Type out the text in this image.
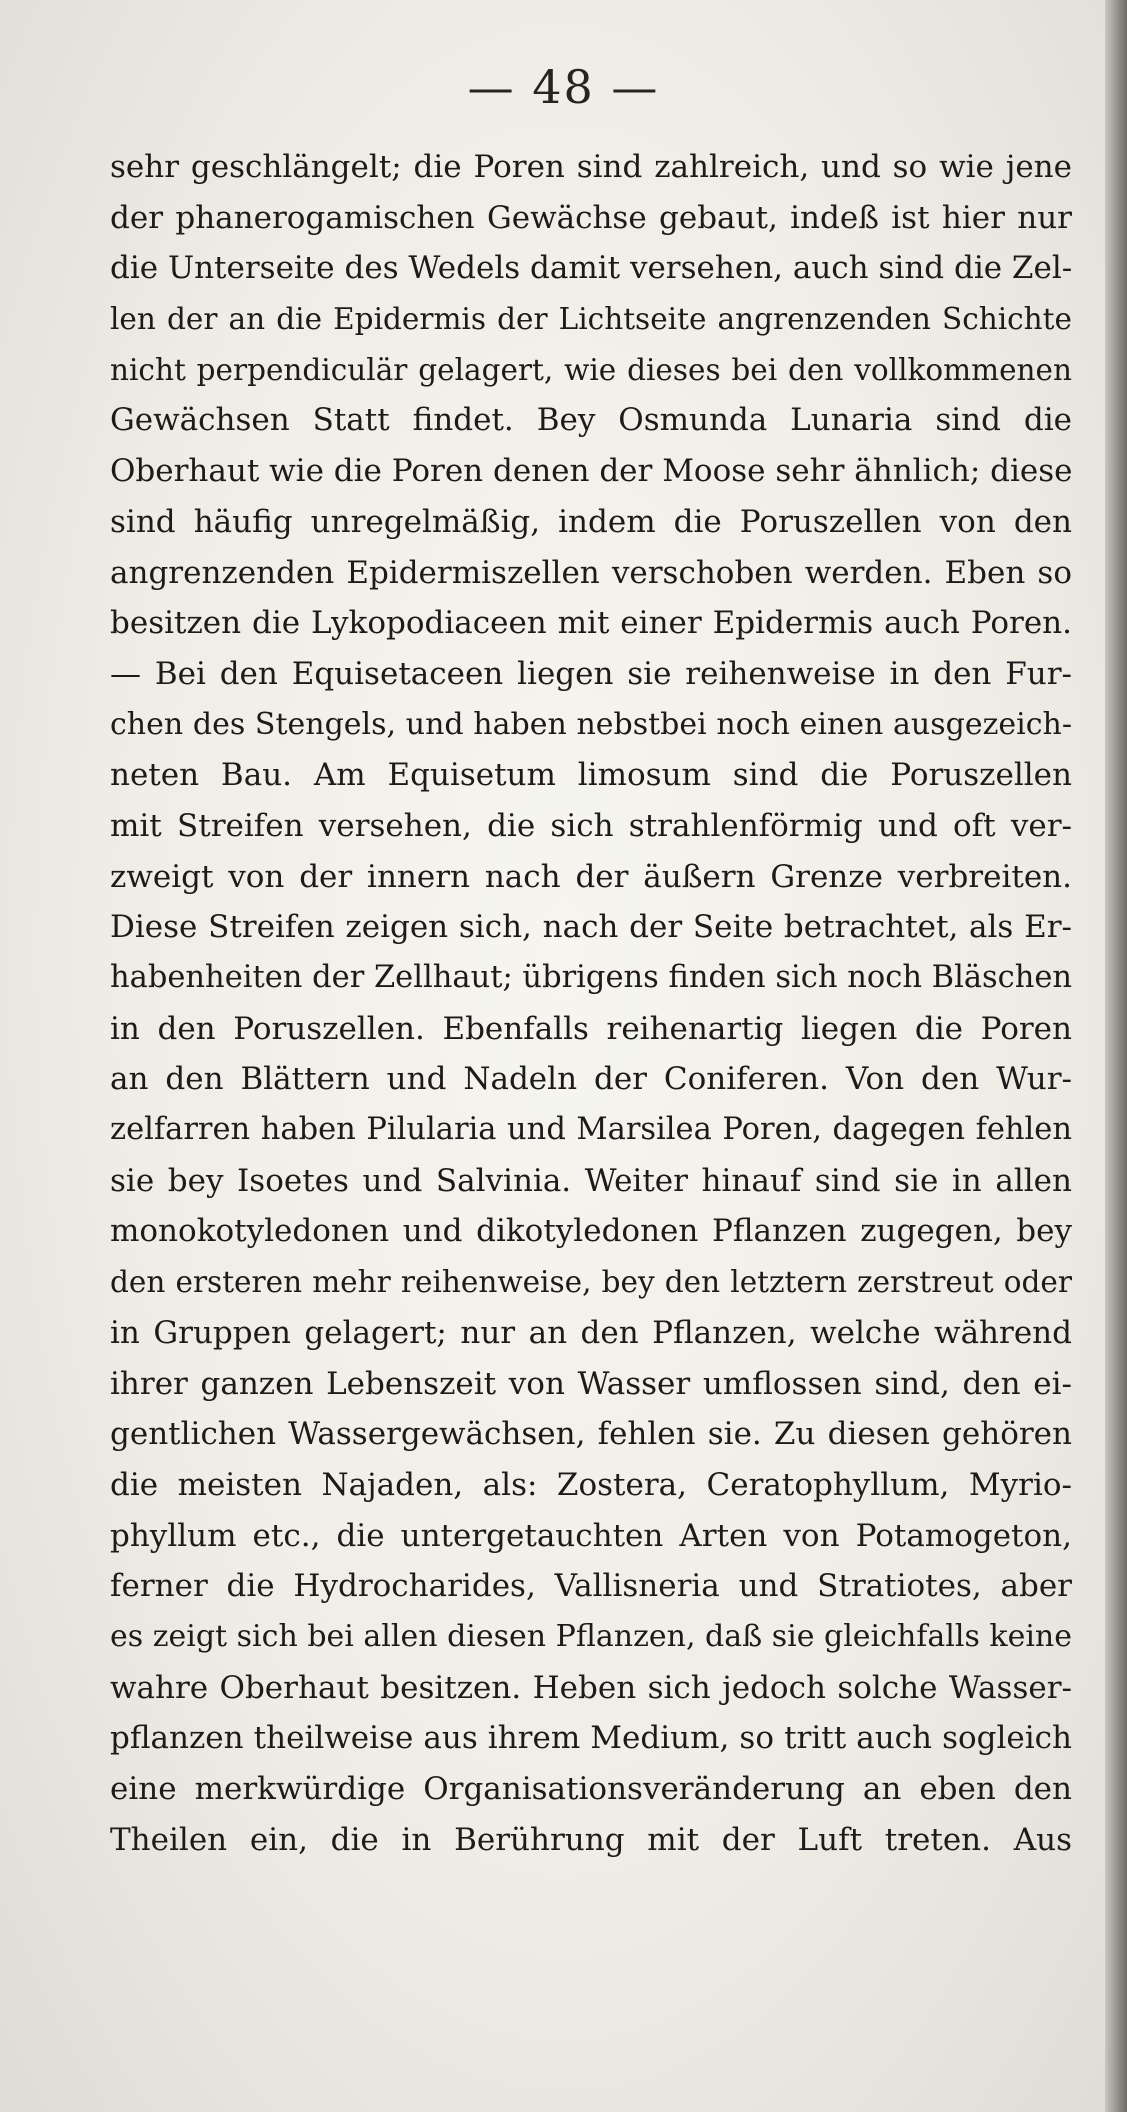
— 48 —
sehr geschlängelt; die Poren sind zahlreich, und so wie jene
der phanerogamischen Gewächse gebaut, indeß ist hier nur
die Unterseite des Wedels damit versehen, auch sind die Zel-
len der an die Epidermis der Lichtseite angrenzenden Schichte
nicht perpendiculär gelagert, wie dieses bei den vollkommenen
Gewächsen Statt findet. Bey Osmunda Lunaria sind die
Oberhaut wie die Poren denen der Moose sehr ähnlich; diese
sind häufig unregelmäßig, indem die Poruszellen von den
angrenzenden Epidermiszellen verschoben werden. Eben so
besitzen die Lykopodiaceen mit einer Epidermis auch Poren.
— Bei den Equisetaceen liegen sie reihenweise in den Fur-
chen des Stengels, und haben nebstbei noch einen ausgezeich-
neten Bau. Am Equisetum limosum sind die Poruszellen
mit Streifen versehen, die sich strahlenförmig und oft ver-
zweigt von der innern nach der äußern Grenze verbreiten.
Diese Streifen zeigen sich, nach der Seite betrachtet, als Er-
habenheiten der Zellhaut; übrigens finden sich noch Bläschen
in den Poruszellen. Ebenfalls reihenartig liegen die Poren
an den Blättern und Nadeln der Coniferen. Von den Wur-
zelfarren haben Pilularia und Marsilea Poren, dagegen fehlen
sie bey Isoetes und Salvinia. Weiter hinauf sind sie in allen
monokotyledonen und dikotyledonen Pflanzen zugegen, bey
den ersteren mehr reihenweise, bey den letztern zerstreut oder
in Gruppen gelagert; nur an den Pflanzen, welche während
ihrer ganzen Lebenszeit von Wasser umflossen sind, den ei-
gentlichen Wassergewächsen, fehlen sie. Zu diesen gehören
die meisten Najaden, als: Zostera, Ceratophyllum, Myrio-
phyllum etc., die untergetauchten Arten von Potamogeton,
ferner die Hydrocharides, Vallisneria und Stratiotes, aber
es zeigt sich bei allen diesen Pflanzen, daß sie gleichfalls keine
wahre Oberhaut besitzen. Heben sich jedoch solche Wasser-
pflanzen theilweise aus ihrem Medium, so tritt auch sogleich
eine merkwürdige Organisationsveränderung an eben den
Theilen ein, die in Berührung mit der Luft treten. Aus
